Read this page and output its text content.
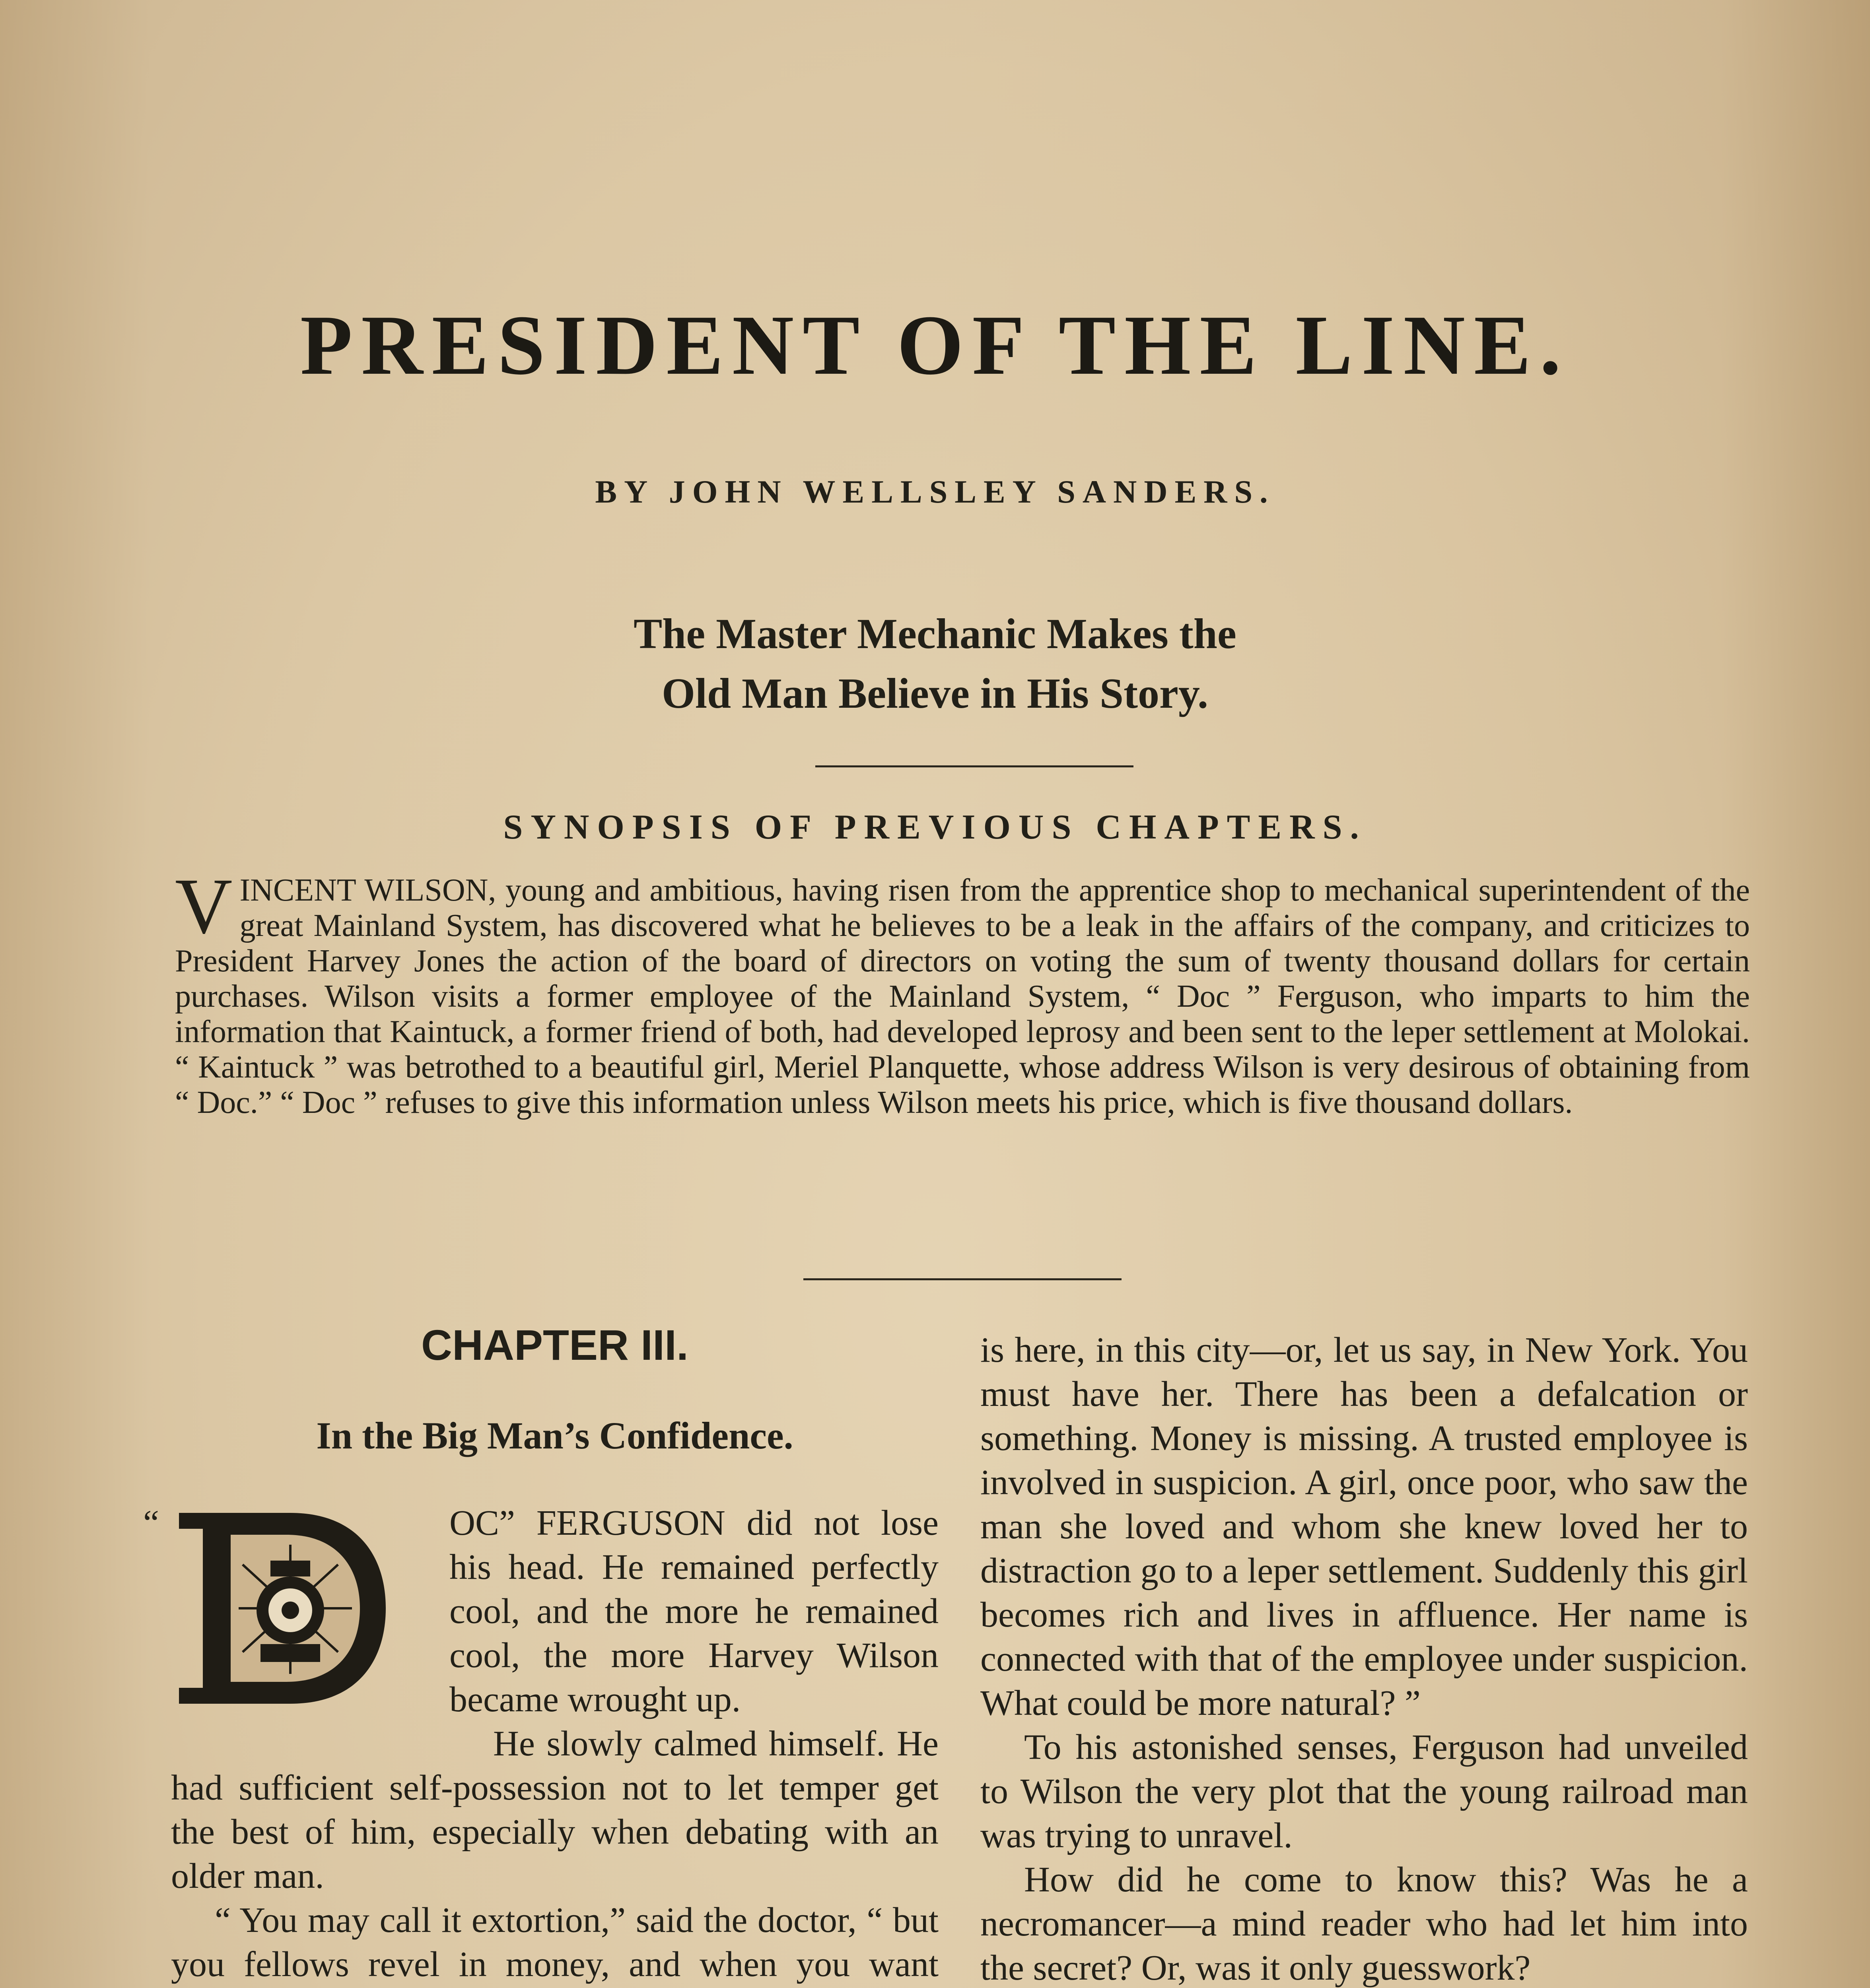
PRESIDENT OF THE LINE.

BY JOHN WELLSLEY SANDERS.

The Master Mechanic Makes the
Old Man Believe in His Story.
SYNOPSIS OF PREVIOUS CHAPTERS.
VINCENT WILSON, young and ambitious, having risen from the apprentice shop to mechanical superintendent of the great Mainland System, has discovered what he believes to be a leak in the affairs of the company, and criticizes to President Harvey Jones the action of the board of directors on voting the sum of twenty thousand dollars for certain purchases. Wilson visits a former employee of the Mainland System, “ Doc ” Ferguson, who imparts to him the information that Kaintuck, a former friend of both, had developed leprosy and been sent to the leper settlement at Molokai. “ Kaintuck ” was betrothed to a beautiful girl, Meriel Planquette, whose address Wilson is very desirous of obtaining from “ Doc.” “ Doc ” refuses to give this information unless Wilson meets his price, which is five thousand dollars.
CHAPTER III.
In the Big Man’s Confidence.
“	OC” FERGUSON did not lose his head. He remained perfectly cool, and the more he remained cool, the more Harvey Wilson became wrought up.

He slowly calmed himself. He had sufficient self-possession not to let temper get the best of him, especially when debating with an older man.

“ You may call it extortion,” said the doctor, “ but you fellows revel in money, and when you want

is here, in this city—or, let us say, in New York. You must have her. There has been a defalcation or something. Money is missing. A trusted employee is involved in suspicion. A girl, once poor, who saw the man she loved and whom she knew loved her to distraction go to a leper settlement. Suddenly this girl becomes rich and lives in affluence. Her name is connected with that of the employee under suspicion. What could be more natural? ”

To his astonished senses, Ferguson had unveiled to Wilson the very plot that the young railroad man was trying to unravel.

How did he come to know this? Was he a necromancer—a mind reader who had let him into the secret? Or, was it only guesswork?
